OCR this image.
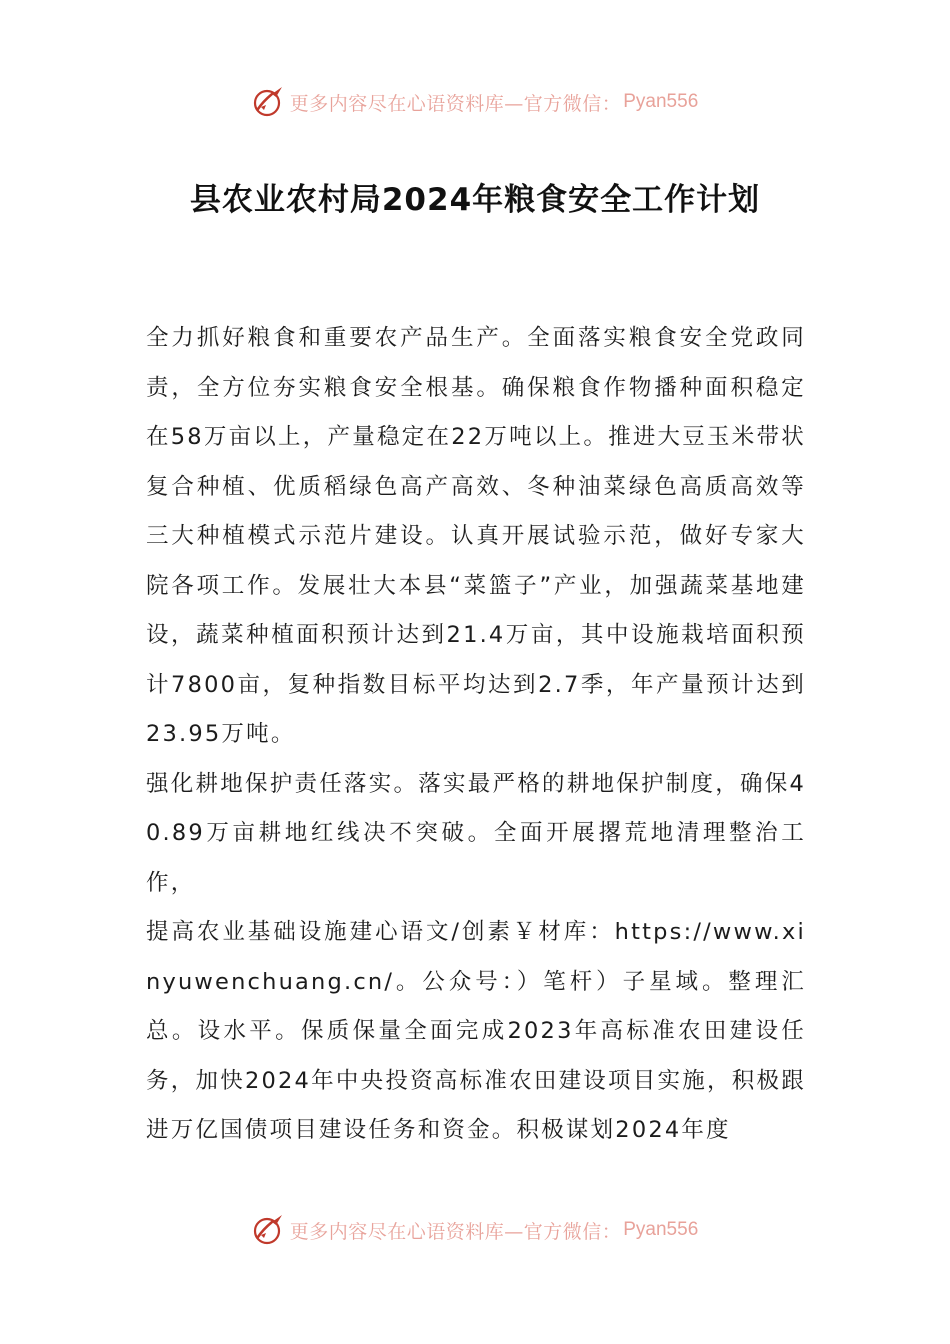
更多内容尽在心语资料库—官方微信： Pyan556
县农业农村局2024年粮食安全工作计划

全力抓好粮食和重要农产品生产。全面落实粮食安全党政同责，全方位夯实粮食安全根基。确保粮食作物播种面积稳定在58万亩以上，产量稳定在22万吨以上。推进大豆玉米带状复合种植、优质稻绿色高产高效、冬种油菜绿色高质高效等三大种植模式示范片建设。认真开展试验示范，做好专家大院各项工作。发展壮大本县“菜篮子”产业，加强蔬菜基地建设，蔬菜种植面积预计达到21.4万亩，其中设施栽培面积预计7800亩，复种指数目标平均达到2.7季，年产量预计达到23.95万吨。

强化耕地保护责任落实。落实最严格的耕地保护制度，确保40.89万亩耕地红线决不突破。全面开展撂荒地清理整治工作，

提高农业基础设施建心语文/创素￥材库：https://www.xinyuwenchuang.cn/。公众号：）笔杆）子星域。整理汇总。设水平。保质保量全面完成2023年高标准农田建设任务，加快2024年中央投资高标准农田建设项目实施，积极跟进万亿国债项目建设任务和资金。积极谋划2024年度

更多内容尽在心语资料库—官方微信： Pyan556
